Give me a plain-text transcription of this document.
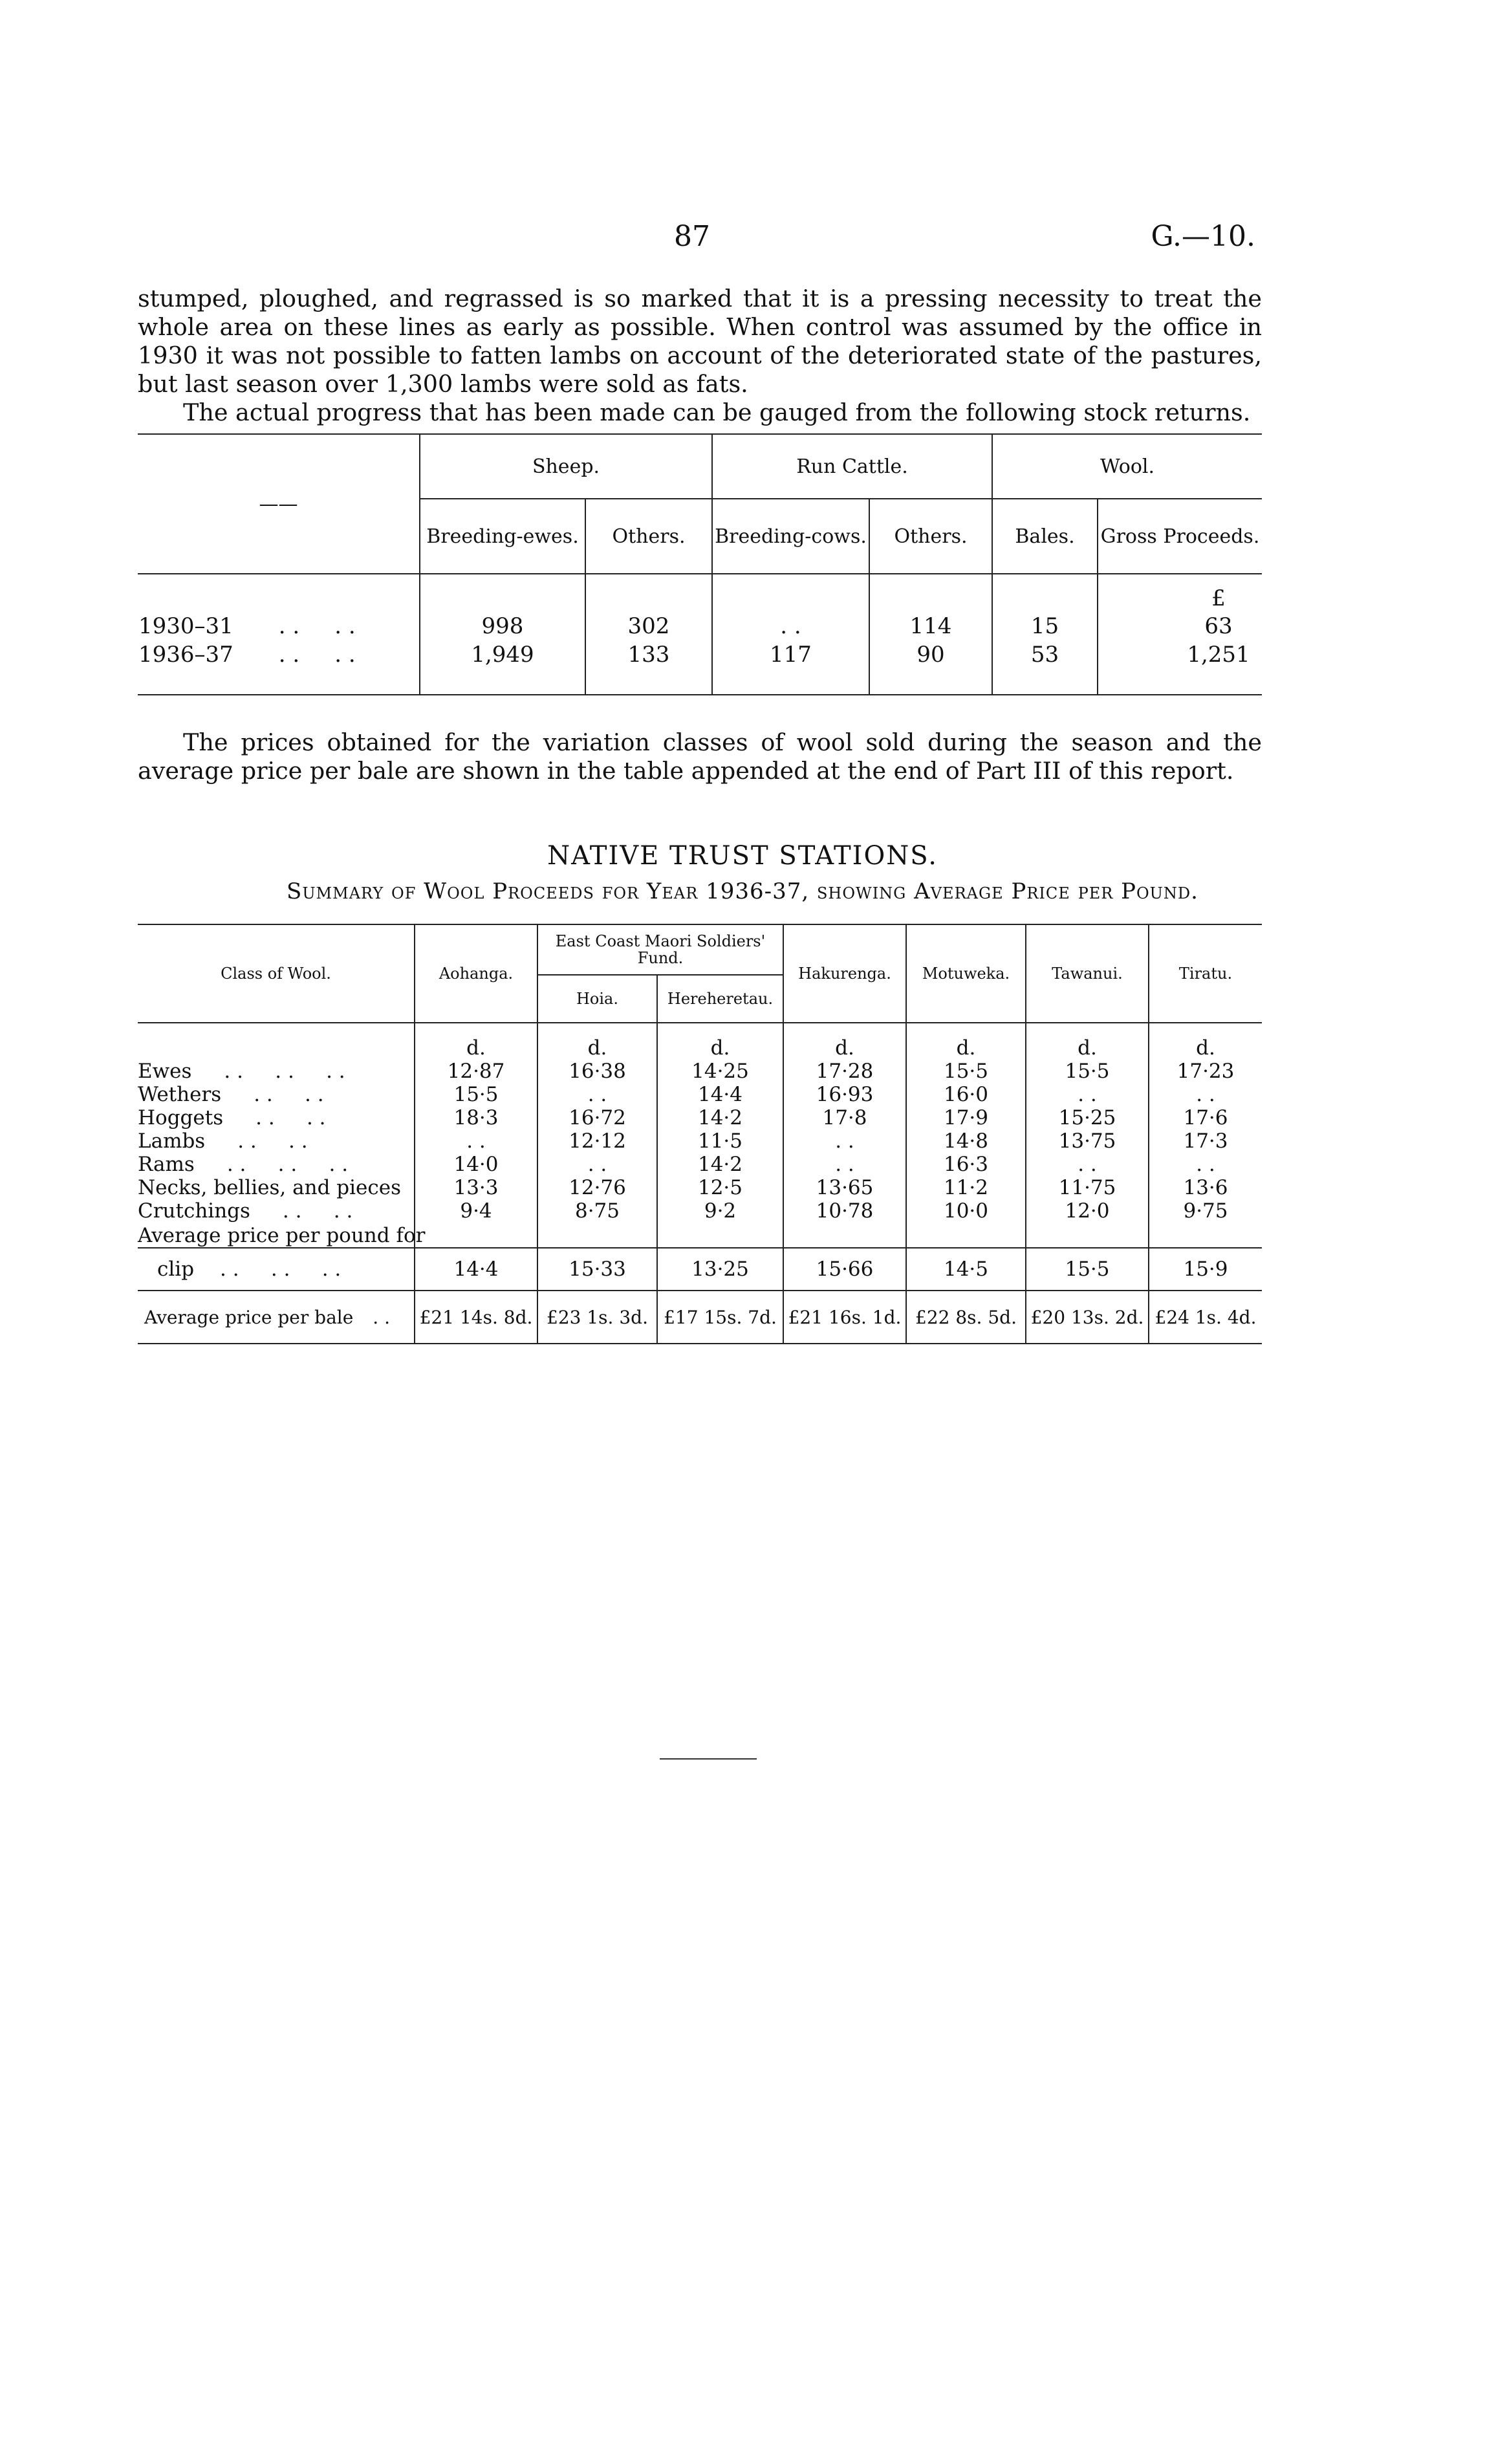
87	G.—10.

stumped, ploughed, and regrassed is so marked that it is a pressing necessity to treat the whole area on these lines as early as possible. When control was assumed by the office in 1930 it was not possible to fatten lambs on account of the deteriorated state of the pastures, but last season over 1,300 lambs were sold as fats.

The actual progress that has been made can be gauged from the following stock returns.

——	Sheep.		Run Cattle.		Wool.	
	Breeding-ewes.	Others.	Breeding-cows.	Others.	Bales.	Gross Proceeds.
						£
1930–31 . .     . .	998	302	. .	114	15	63
1936–37 . .     . .	1,949	133	117	90	53	1,251

The prices obtained for the variation classes of wool sold during the season and the average price per bale are shown in the table appended at the end of Part III of this report.

NATIVE TRUST STATIONS.
Summary of Wool Proceeds for Year 1936-37, showing Average Price per Pound.
Class of Wool.	Aohanga.	East Coast Maori Soldiers' Fund.		Hakurenga.	Motuweka.	Tawanui.	Tiratu.
		Hoia.	Hereheretau.				
	d.	d.	d.	d.	d.	d.	d.
Ewes . .     . .     . .	12·87	16·38	14·25	17·28	15·5	15·5	17·23
Wethers . .     . .	15·5	. .	14·4	16·93	16·0	. .	. .
Hoggets . .     . .	18·3	16·72	14·2	17·8	17·9	15·25	17·6
Lambs . .     . .	. .	12·12	11·5	. .	14·8	13·75	17·3
Rams . .     . .     . .	14·0	. .	14·2	. .	16·3	. .	. .
Necks, bellies, and pieces	13·3	12·76	12·5	13·65	11·2	11·75	13·6
Crutchings . .     . .	9·4	8·75	9·2	10·78	10·0	12·0	9·75

Average price per pound for
clip . .     . .     . .	14·4	15·33	13·25	15·66	14·5	15·5	15·9
Average price per bale . .	£21 14s. 8d.	£23 1s. 3d.	£17 15s. 7d.	£21 16s. 1d.	£22 8s. 5d.	£20 13s. 2d.	£24 1s. 4d.
